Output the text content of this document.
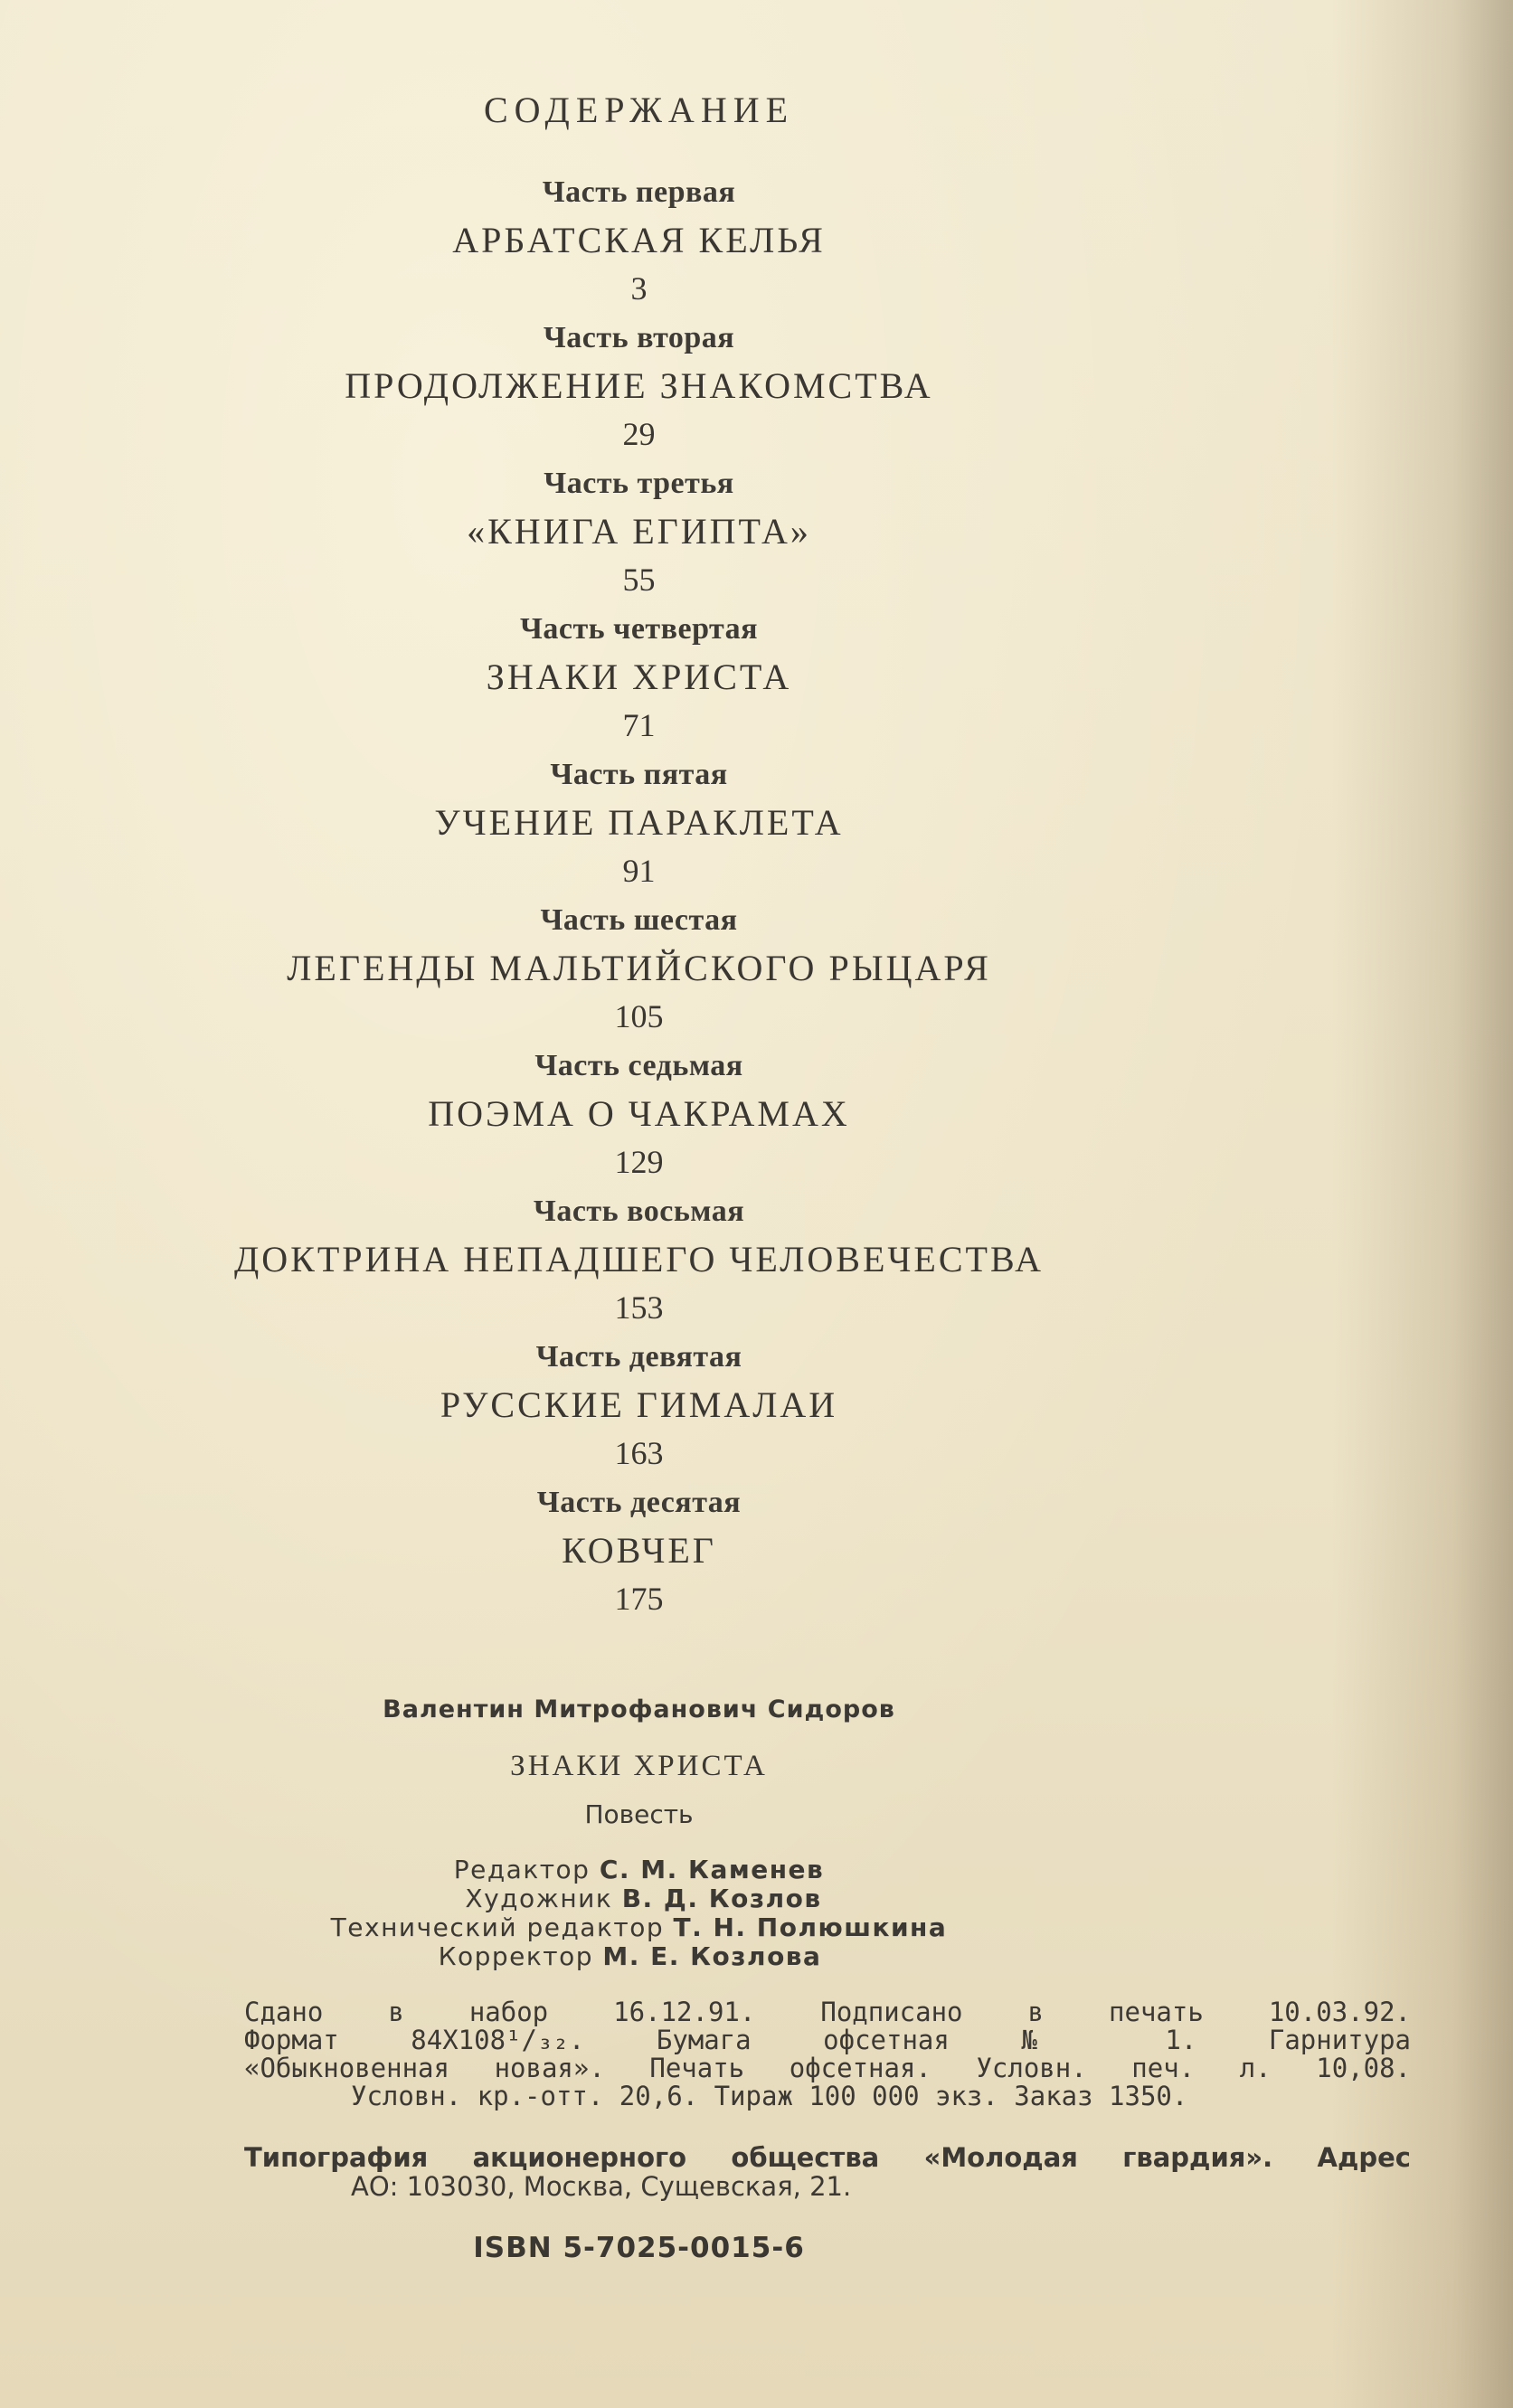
СОДЕРЖАНИЕ
Часть первая
АРБАТСКАЯ КЕЛЬЯ
3
Часть вторая
ПРОДОЛЖЕНИЕ ЗНАКОМСТВА
29
Часть третья
«КНИГА ЕГИПТА»
55
Часть четвертая
ЗНАКИ ХРИСТА
71
Часть пятая
УЧЕНИЕ ПАРАКЛЕТА
91
Часть шестая
ЛЕГЕНДЫ МАЛЬТИЙСКОГО РЫЦАРЯ
105
Часть седьмая
ПОЭМА О ЧАКРАМАХ
129
Часть восьмая
ДОКТРИНА НЕПАДШЕГО ЧЕЛОВЕЧЕСТВА
153
Часть девятая
РУССКИЕ ГИМАЛАИ
163
Часть десятая
КОВЧЕГ
175
Валентин Митрофанович Сидоров
ЗНАКИ ХРИСТА
Повесть
Редактор С. М. Каменев
Художник В. Д. Козлов
Технический редактор Т. Н. Полюшкина
Корректор М. Е. Козлова
Сдано в набор 16.12.91. Подписано в печать 10.03.92.
Формат 84Х108¹/₃₂. Бумага офсетная № 1. Гарнитура
«Обыкновенная новая». Печать офсетная. Условн. печ. л. 10,08.
Условн. кр.-отт. 20,6. Тираж 100 000 экз. Заказ 1350.
Типография акционерного общества «Молодая гвардия». Адрес
АО: 103030, Москва, Сущевская, 21.
ISBN 5-7025-0015-6
